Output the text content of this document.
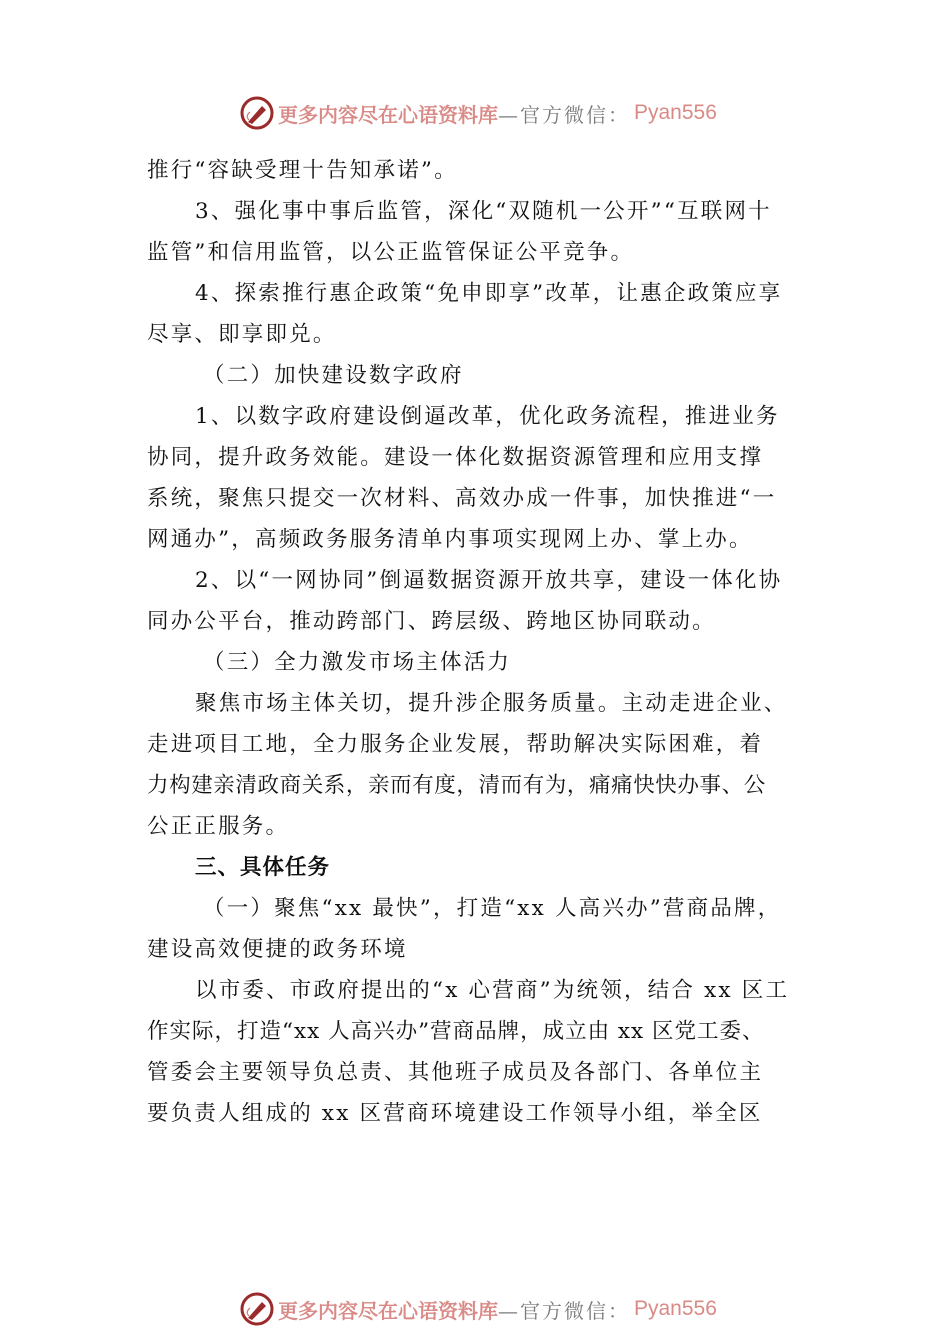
更多内容尽在心语资料库 —官方微信： Pyan556
推行“容缺受理十告知承诺”。
3、强化事中事后监管，深化“双随机一公开”“互联网十
监管”和信用监管，以公正监管保证公平竞争。
4、探索推行惠企政策“免申即享”改革，让惠企政策应享
尽享、即享即兑。
（二）加快建设数字政府
1、以数字政府建设倒逼改革，优化政务流程，推进业务
协同，提升政务效能。建设一体化数据资源管理和应用支撑
系统，聚焦只提交一次材料、高效办成一件事，加快推进“一
网通办”，高频政务服务清单内事项实现网上办、掌上办。
2、以“一网协同”倒逼数据资源开放共享，建设一体化协
同办公平台，推动跨部门、跨层级、跨地区协同联动。
（三）全力激发市场主体活力
聚焦市场主体关切，提升涉企服务质量。主动走进企业、
走进项目工地，全力服务企业发展，帮助解决实际困难，着
力构建亲清政商关系，亲而有度，清而有为，痛痛快快办事、公
公正正服务。
三、具体任务
（一）聚焦“xx 最快”，打造“xx 人高兴办”营商品牌，
建设高效便捷的政务环境
以市委、市政府提出的“x 心营商”为统领，结合 xx 区工
作实际，打造“xx 人高兴办”营商品牌，成立由 xx 区党工委、
管委会主要领导负总责、其他班子成员及各部门、各单位主
要负责人组成的 xx 区营商环境建设工作领导小组，举全区
更多内容尽在心语资料库 —官方微信： Pyan556
